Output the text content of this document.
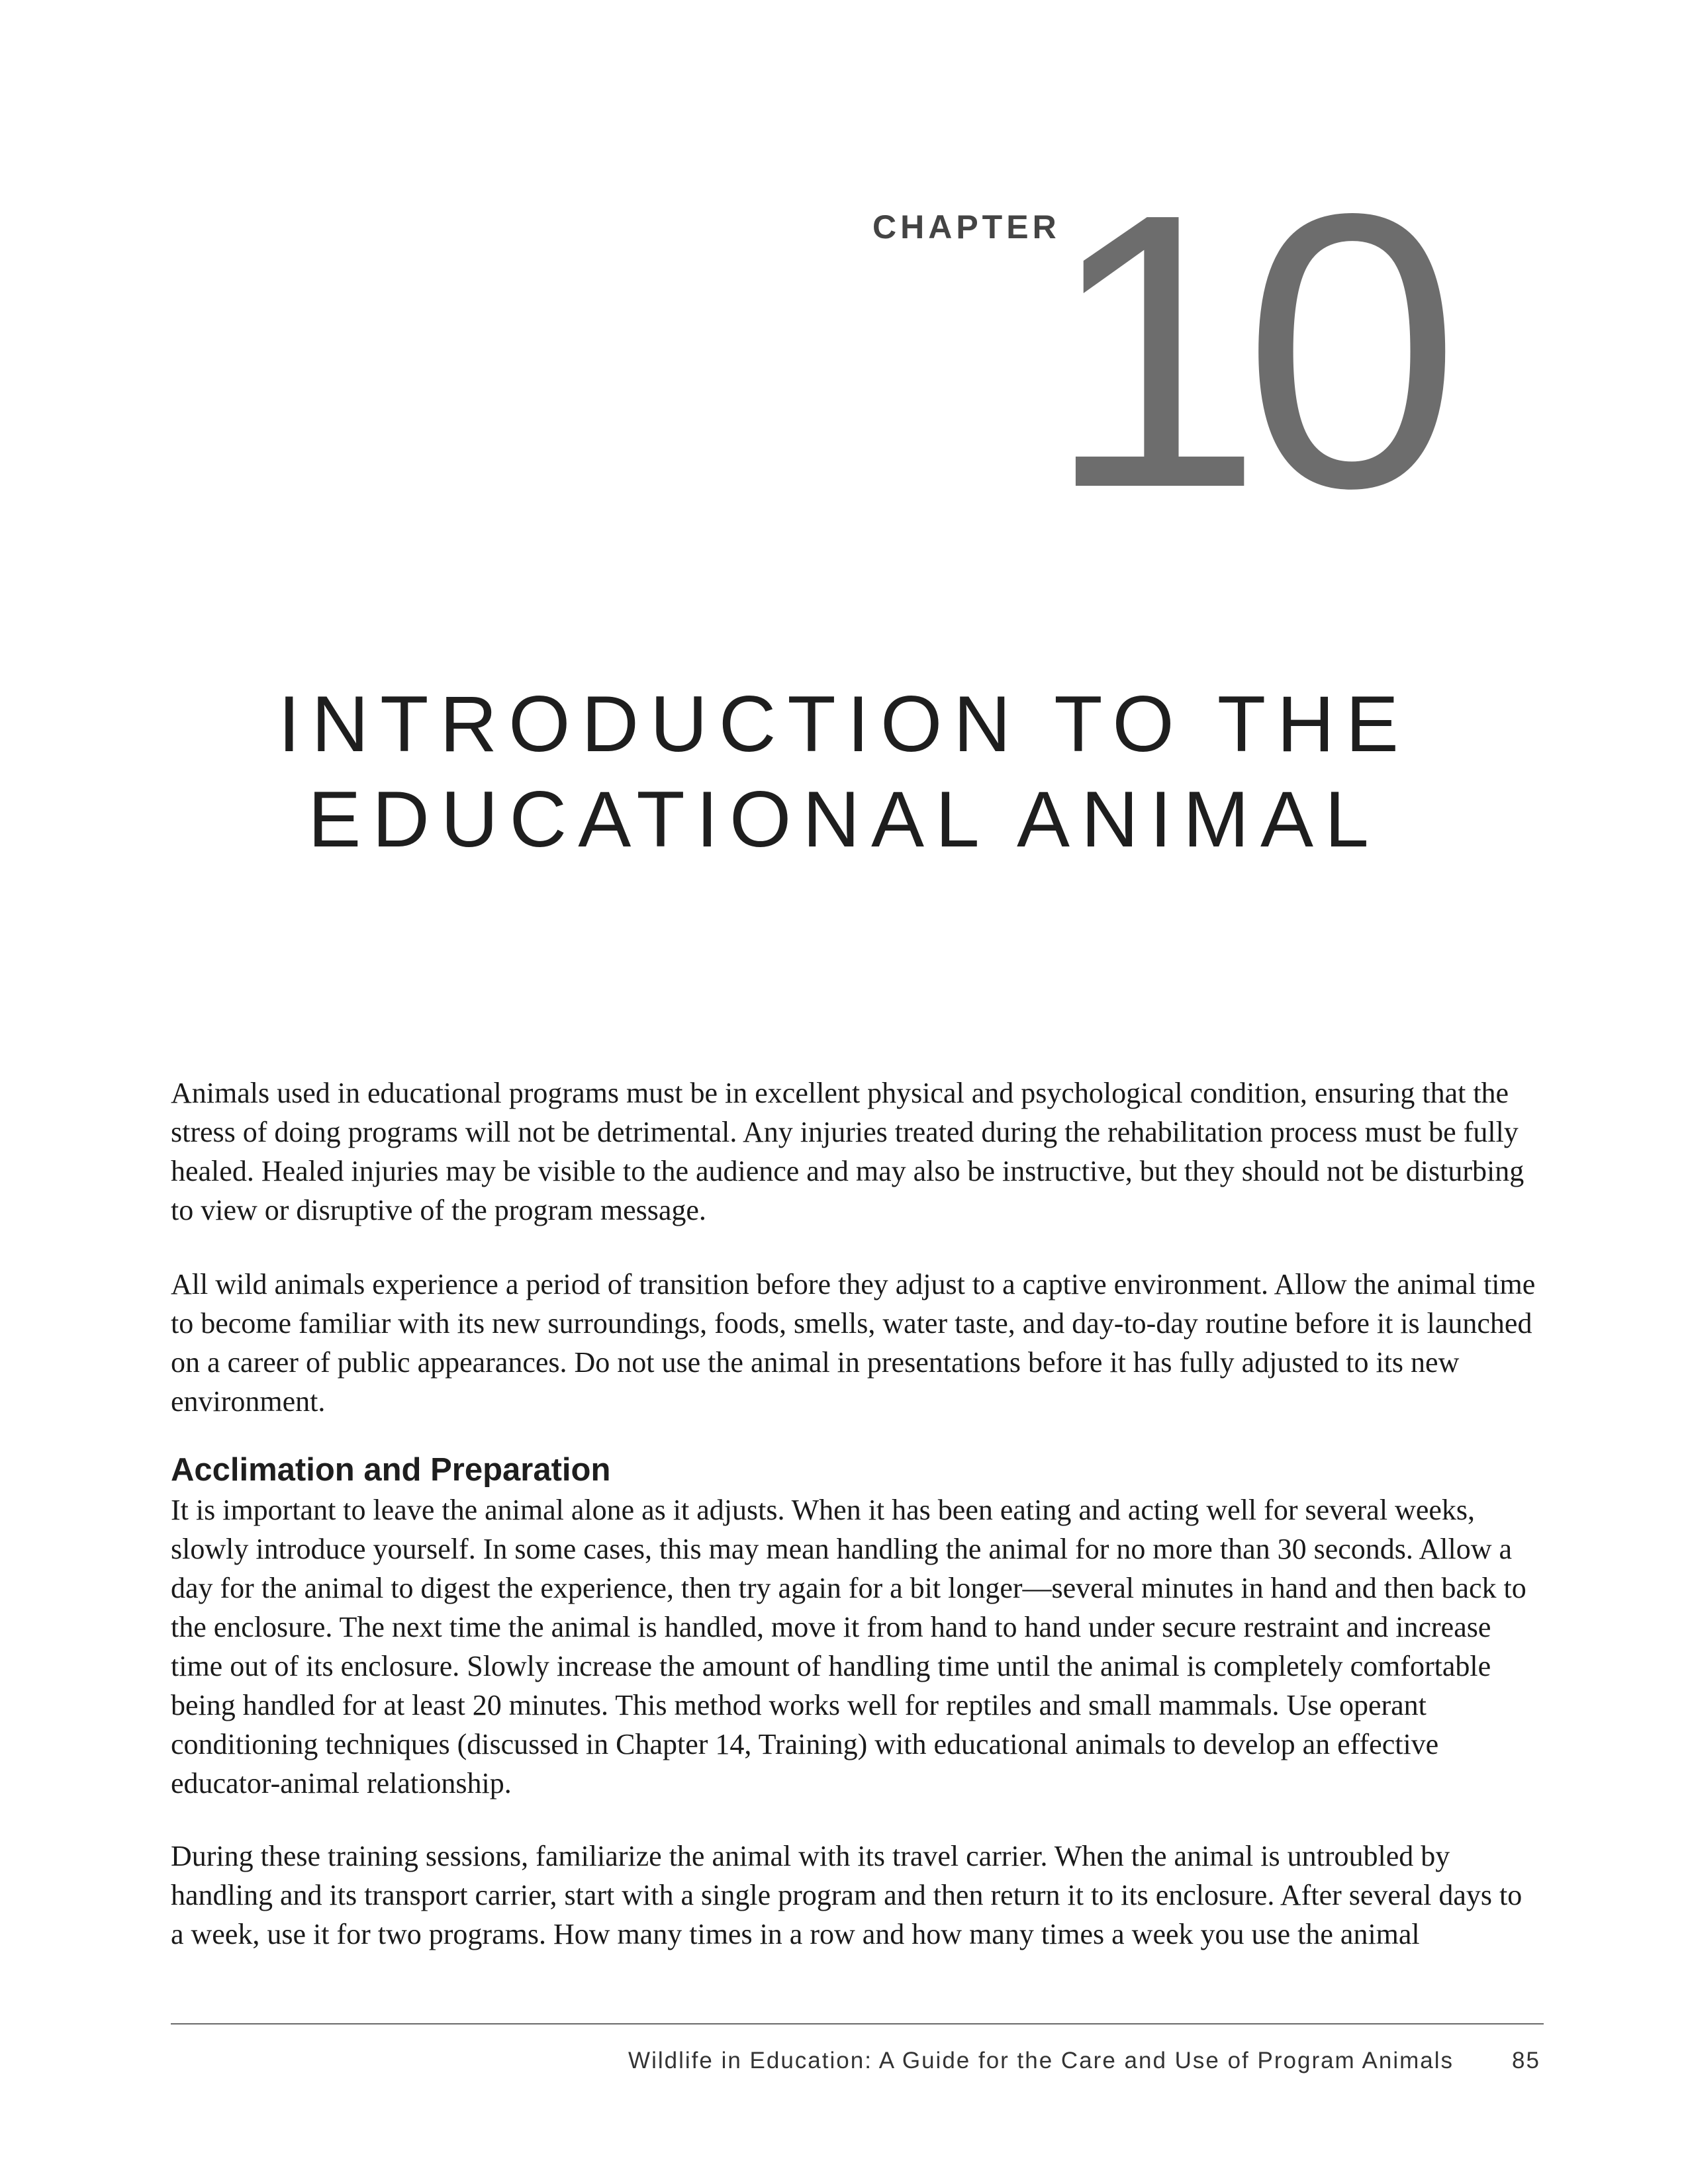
CHAPTER
10
INTRODUCTION TO THE
EDUCATIONAL ANIMAL

Animals used in educational programs must be in excellent physical and psychological condition, ensuring that the stress of doing programs will not be detrimental. Any injuries treated during the rehabilitation process must be fully healed. Healed injuries may be visible to the audience and may also be instructive, but they should not be disturbing to view or disruptive of the program message.

All wild animals experience a period of transition before they adjust to a captive environment. Allow the animal time to become familiar with its new surroundings, foods, smells, water taste, and day-to-day routine before it is launched on a career of public appearances. Do not use the animal in presentations before it has fully adjusted to its new environment.

Acclimation and Preparation

It is important to leave the animal alone as it adjusts. When it has been eating and acting well for several weeks, slowly introduce yourself. In some cases, this may mean handling the animal for no more than 30 seconds. Allow a day for the animal to digest the experience, then try again for a bit longer—several minutes in hand and then back to the enclosure. The next time the animal is handled, move it from hand to hand under secure restraint and increase time out of its enclosure. Slowly increase the amount of handling time until the animal is completely comfortable being handled for at least 20 minutes. This method works well for reptiles and small mammals. Use operant conditioning techniques (discussed in Chapter 14, Training) with educational animals to develop an effective educator-animal relationship.

During these training sessions, familiarize the animal with its travel carrier. When the animal is untroubled by handling and its transport carrier, start with a single program and then return it to its enclosure. After several days to a week, use it for two programs. How many times in a row and how many times a week you use the animal

Wildlife in Education: A Guide for the Care and Use of Program Animals	85
